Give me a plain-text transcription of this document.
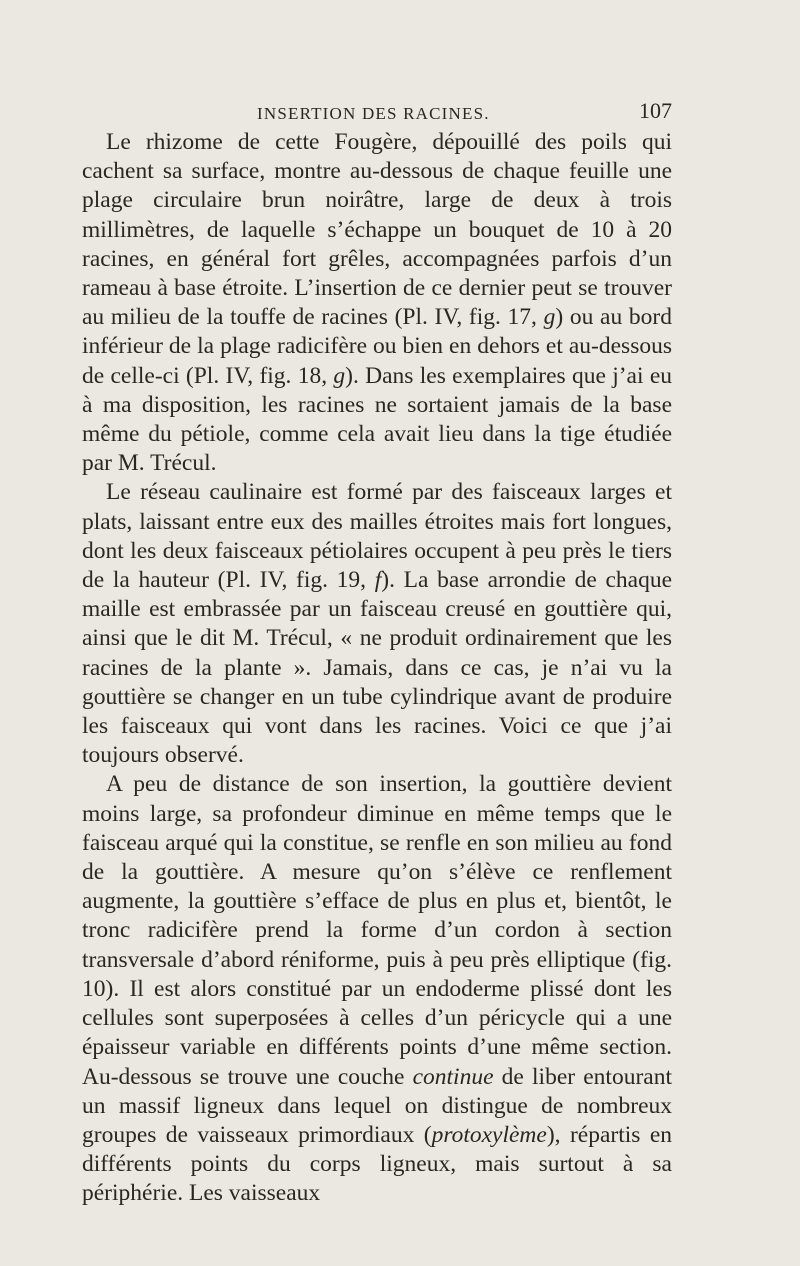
INSERTION DES RACINES.	107

Le rhizome de cette Fougère, dépouillé des poils qui cachent sa surface, montre au-dessous de chaque feuille une plage circulaire brun noirâtre, large de deux à trois millimètres, de laquelle s’échappe un bouquet de 10 à 20 racines, en général fort grêles, accompagnées parfois d’un rameau à base étroite. L’insertion de ce dernier peut se trouver au milieu de la touffe de racines (Pl. IV, fig. 17, g) ou au bord inférieur de la plage radicifère ou bien en dehors et au-dessous de celle-ci (Pl. IV, fig. 18, g). Dans les exemplaires que j’ai eu à ma disposition, les racines ne sortaient jamais de la base même du pétiole, comme cela avait lieu dans la tige étudiée par M. Trécul.

Le réseau caulinaire est formé par des faisceaux larges et plats, laissant entre eux des mailles étroites mais fort longues, dont les deux faisceaux pétiolaires occupent à peu près le tiers de la hauteur (Pl. IV, fig. 19, f). La base arrondie de chaque maille est embrassée par un faisceau creusé en gouttière qui, ainsi que le dit M. Trécul, « ne produit ordinairement que les racines de la plante ». Jamais, dans ce cas, je n’ai vu la gouttière se changer en un tube cylindrique avant de produire les faisceaux qui vont dans les racines. Voici ce que j’ai toujours observé.

A peu de distance de son insertion, la gouttière devient moins large, sa profondeur diminue en même temps que le faisceau arqué qui la constitue, se renfle en son milieu au fond de la gouttière. A mesure qu’on s’élève ce renflement augmente, la gouttière s’efface de plus en plus et, bientôt, le tronc radicifère prend la forme d’un cordon à section transversale d’abord réniforme, puis à peu près elliptique (fig. 10). Il est alors constitué par un endoderme plissé dont les cellules sont superposées à celles d’un péricycle qui a une épaisseur variable en différents points d’une même section. Au-dessous se trouve une couche continue de liber entourant un massif ligneux dans lequel on distingue de nombreux groupes de vaisseaux primordiaux (protoxylème), répartis en différents points du corps ligneux, mais surtout à sa périphérie. Les vaisseaux
